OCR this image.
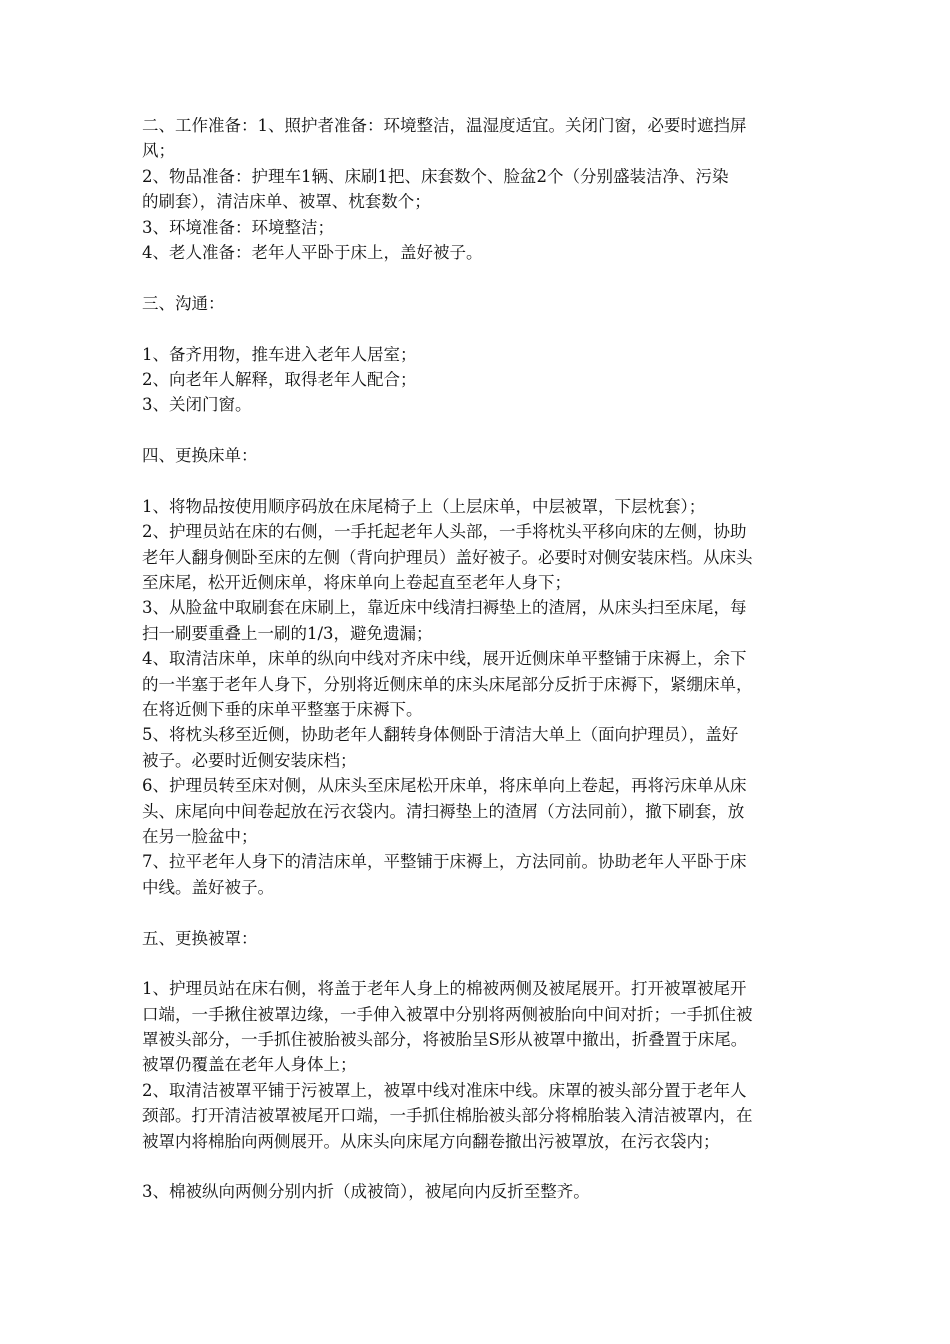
二、工作准备：1、照护者准备：环境整洁，温湿度适宜。关闭门窗，必要时遮挡屏
风；
2、物品准备：护理车1辆、床刷1把、床套数个、脸盆2个（分别盛装洁净、污染
的刷套），清洁床单、被罩、枕套数个；
3、环境准备：环境整洁；
4、老人准备：老年人平卧于床上，盖好被子。
三、沟通：
1、备齐用物，推车进入老年人居室；
2、向老年人解释，取得老年人配合；
3、关闭门窗。
四、更换床单：
1、将物品按使用顺序码放在床尾椅子上（上层床单，中层被罩，下层枕套）；
2、护理员站在床的右侧，一手托起老年人头部，一手将枕头平移向床的左侧，协助
老年人翻身侧卧至床的左侧（背向护理员）盖好被子。必要时对侧安装床档。从床头
至床尾，松开近侧床单，将床单向上卷起直至老年人身下；
3、从脸盆中取刷套在床刷上，靠近床中线清扫褥垫上的渣屑，从床头扫至床尾，每
扫一刷要重叠上一刷的1/3，避免遗漏；
4、取清洁床单，床单的纵向中线对齐床中线，展开近侧床单平整铺于床褥上，余下
的一半塞于老年人身下，分别将近侧床单的床头床尾部分反折于床褥下，紧绷床单，
在将近侧下垂的床单平整塞于床褥下。
5、将枕头移至近侧，协助老年人翻转身体侧卧于清洁大单上（面向护理员），盖好
被子。必要时近侧安装床档；
6、护理员转至床对侧，从床头至床尾松开床单，将床单向上卷起，再将污床单从床
头、床尾向中间卷起放在污衣袋内。清扫褥垫上的渣屑（方法同前），撤下刷套，放
在另一脸盆中；
7、拉平老年人身下的清洁床单，平整铺于床褥上，方法同前。协助老年人平卧于床
中线。盖好被子。
五、更换被罩：
1、护理员站在床右侧，将盖于老年人身上的棉被两侧及被尾展开。打开被罩被尾开
口端，一手揪住被罩边缘，一手伸入被罩中分别将两侧被胎向中间对折；一手抓住被
罩被头部分，一手抓住被胎被头部分，将被胎呈S形从被罩中撤出，折叠置于床尾。
被罩仍覆盖在老年人身体上；
2、取清洁被罩平铺于污被罩上，被罩中线对准床中线。床罩的被头部分置于老年人
颈部。打开清洁被罩被尾开口端，一手抓住棉胎被头部分将棉胎装入清洁被罩内，在
被罩内将棉胎向两侧展开。从床头向床尾方向翻卷撤出污被罩放，在污衣袋内；
3、棉被纵向两侧分别内折（成被筒），被尾向内反折至整齐。
